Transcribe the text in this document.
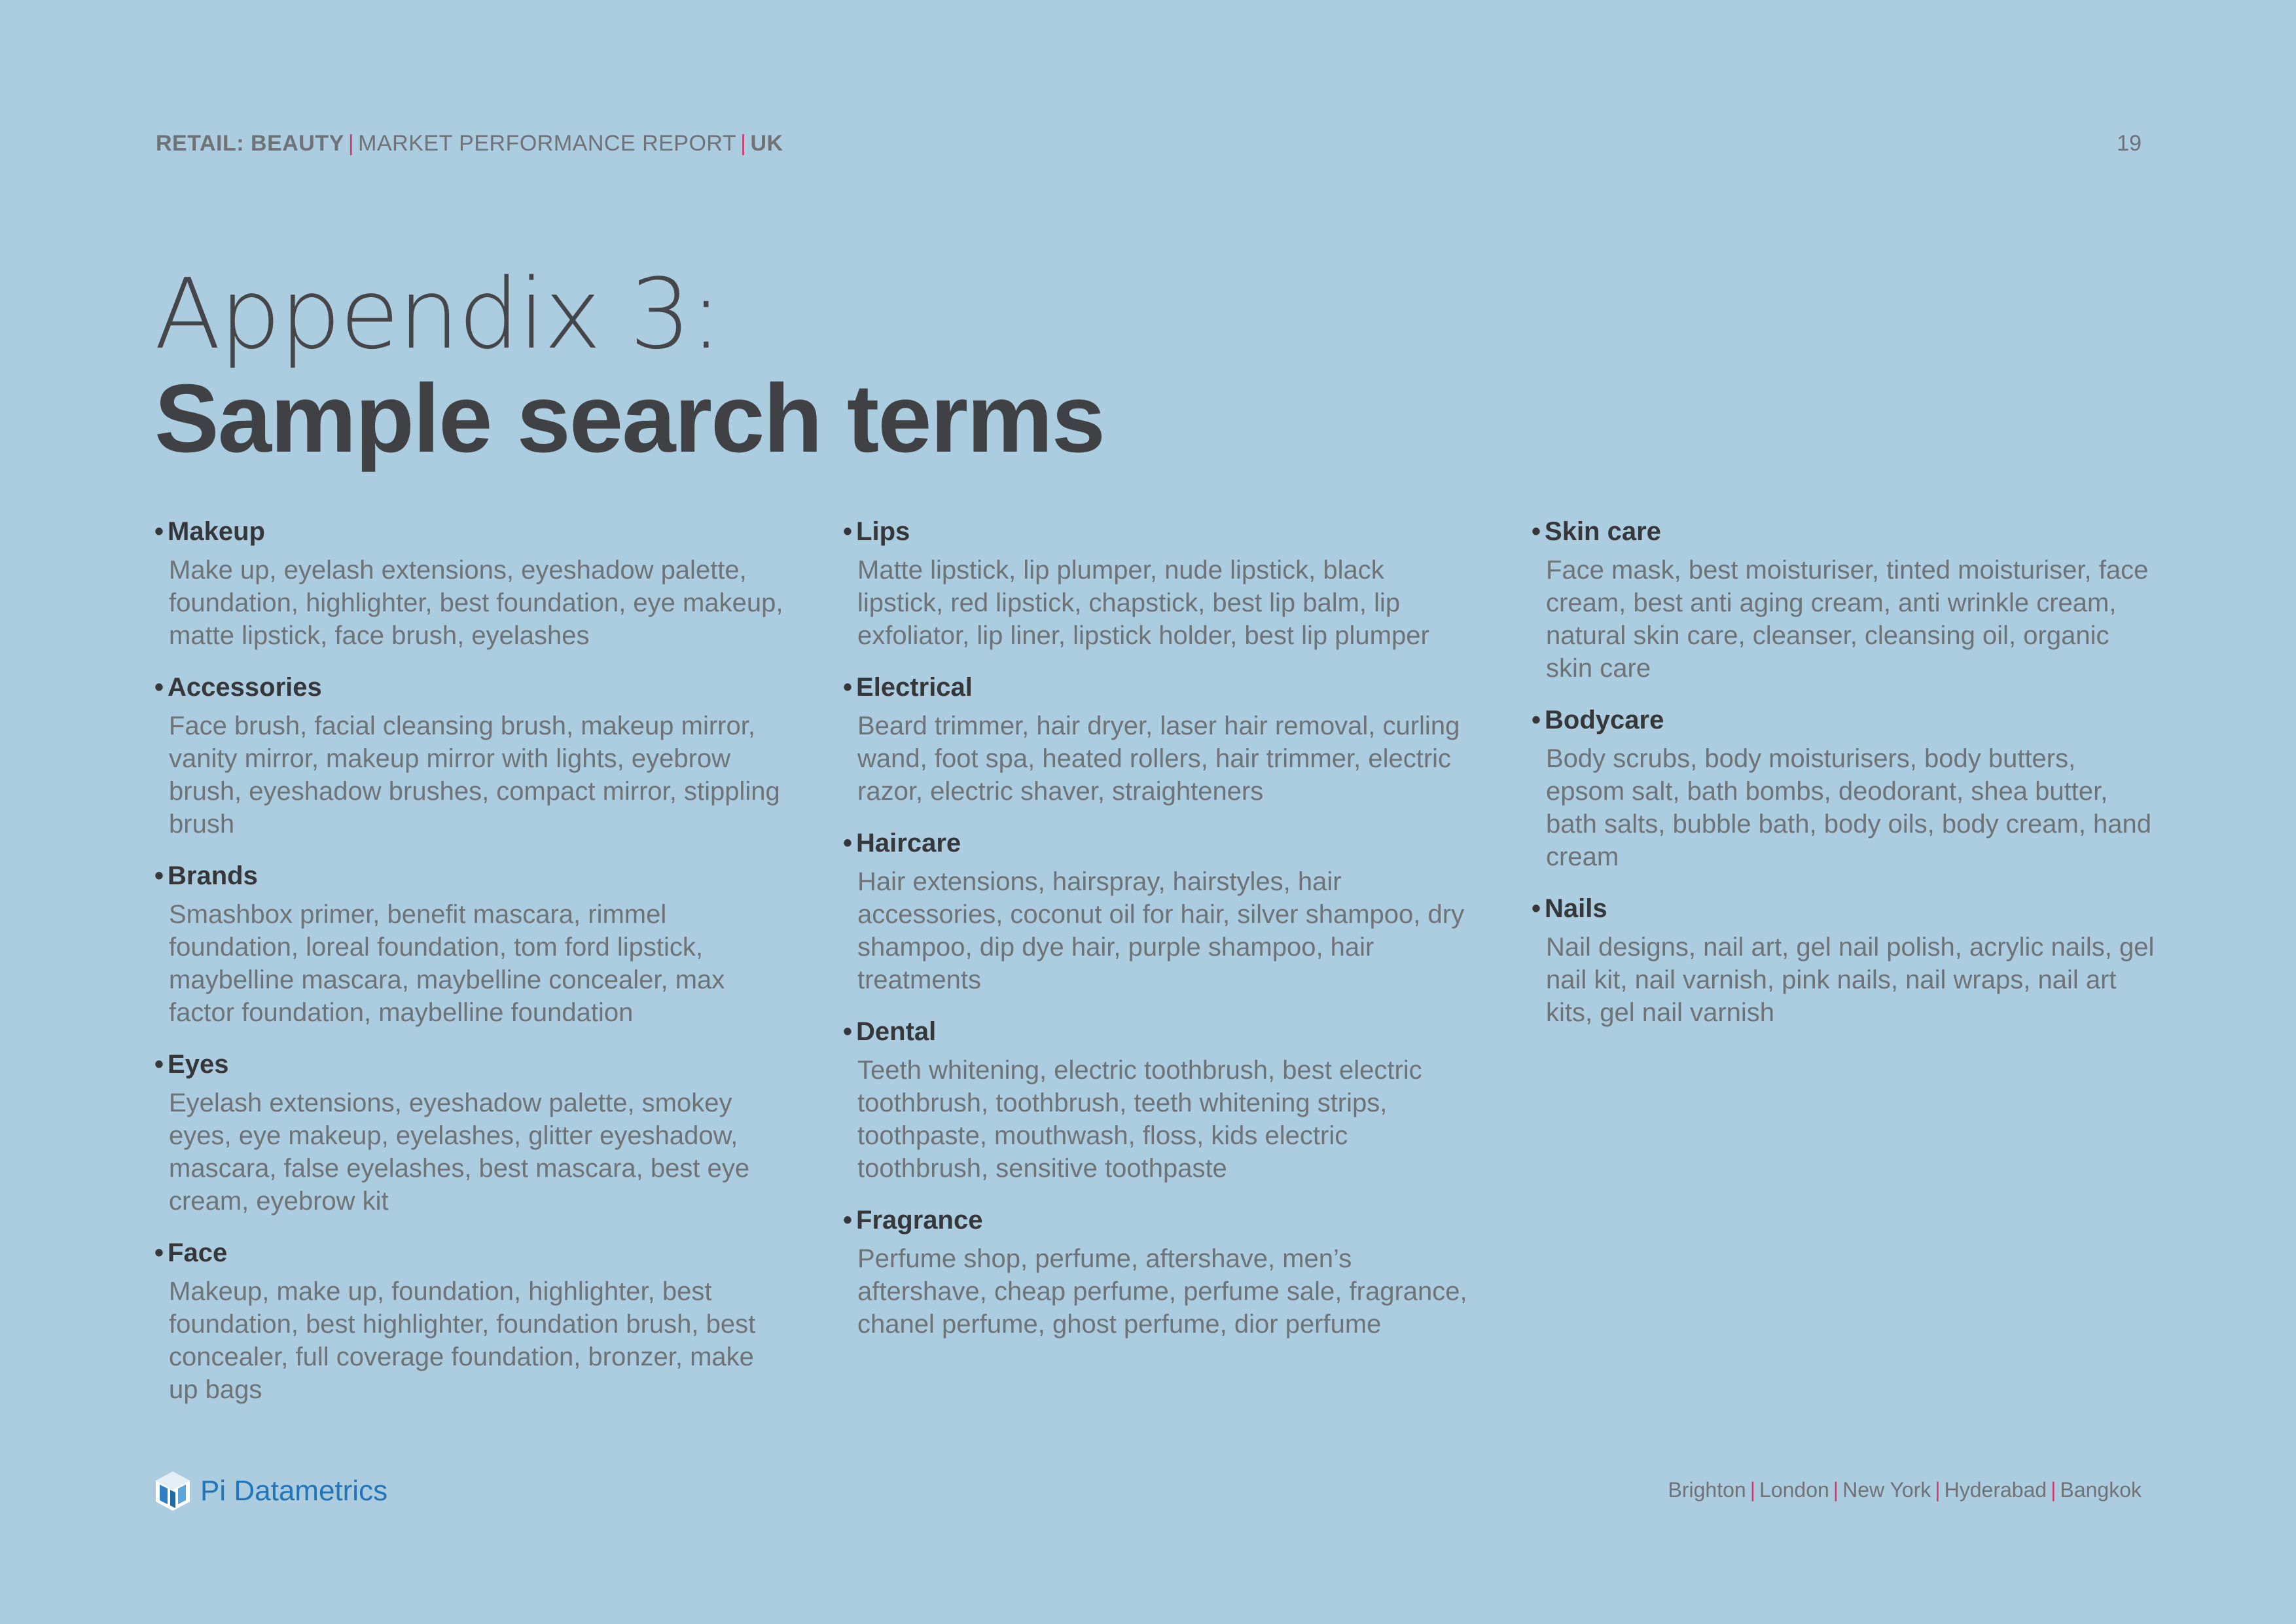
RETAIL: BEAUTY | MARKET PERFORMANCE REPORT | UK	19
Appendix 3:
Sample search terms
• Makeup
Make up, eyelash extensions, eyeshadow palette, foundation, highlighter, best foundation, eye makeup, matte lipstick, face brush, eyelashes
• Accessories
Face brush, facial cleansing brush, makeup mirror, vanity mirror, makeup mirror with lights, eyebrow brush, eyeshadow brushes, compact mirror, stippling brush
• Brands
Smashbox primer, benefit mascara, rimmel foundation, loreal foundation, tom ford lipstick, maybelline mascara, maybelline concealer, max factor foundation, maybelline foundation
• Eyes
Eyelash extensions, eyeshadow palette, smokey eyes, eye makeup, eyelashes, glitter eyeshadow, mascara, false eyelashes, best mascara, best eye cream, eyebrow kit
• Face
Makeup, make up, foundation, highlighter, best foundation, best highlighter, foundation brush, best concealer, full coverage foundation, bronzer, make up bags
• Lips
Matte lipstick, lip plumper, nude lipstick, black lipstick, red lipstick, chapstick, best lip balm, lip exfoliator, lip liner, lipstick holder, best lip plumper
• Electrical
Beard trimmer, hair dryer, laser hair removal, curling wand, foot spa, heated rollers, hair trimmer, electric razor, electric shaver, straighteners
• Haircare
Hair extensions, hairspray, hairstyles, hair accessories, coconut oil for hair, silver shampoo, dry shampoo, dip dye hair, purple shampoo, hair treatments
• Dental
Teeth whitening, electric toothbrush, best electric toothbrush, toothbrush, teeth whitening strips, toothpaste, mouthwash, floss, kids electric toothbrush, sensitive toothpaste
• Fragrance
Perfume shop, perfume, aftershave, men’s aftershave, cheap perfume, perfume sale, fragrance, chanel perfume, ghost perfume, dior perfume
• Skin care
Face mask, best moisturiser, tinted moisturiser, face cream, best anti aging cream, anti wrinkle cream, natural skin care, cleanser, cleansing oil, organic skin care
• Bodycare
Body scrubs, body moisturisers, body butters, epsom salt, bath bombs, deodorant, shea butter, bath salts, bubble bath, body oils, body cream, hand cream
• Nails
Nail designs, nail art, gel nail polish, acrylic nails, gel nail kit, nail varnish, pink nails, nail wraps, nail art kits, gel nail varnish
Pi Datametrics	Brighton | London | New York | Hyderabad | Bangkok
